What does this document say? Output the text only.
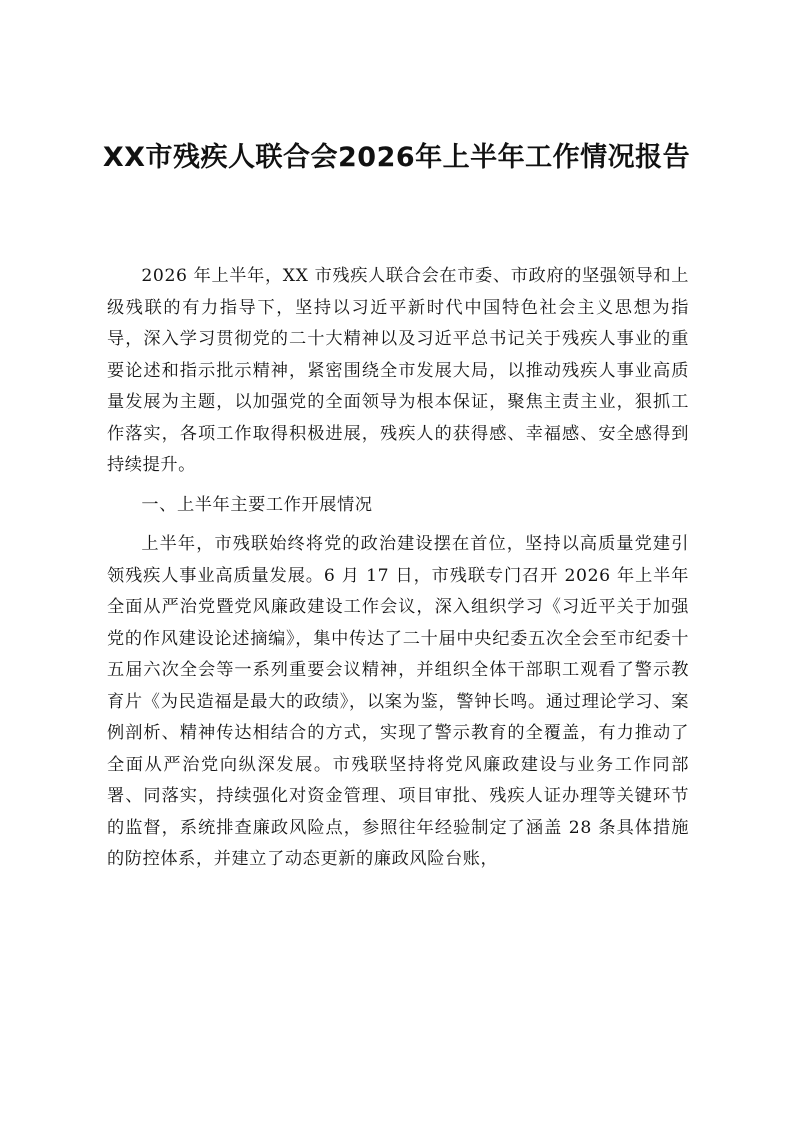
XX市残疾人联合会2026年上半年工作情况报告

2026 年上半年，XX 市残疾人联合会在市委、市政府的坚强领导和上级残联的有力指导下，坚持以习近平新时代中国特色社会主义思想为指导，深入学习贯彻党的二十大精神以及习近平总书记关于残疾人事业的重要论述和指示批示精神，紧密围绕全市发展大局，以推动残疾人事业高质量发展为主题，以加强党的全面领导为根本保证，聚焦主责主业，狠抓工作落实，各项工作取得积极进展，残疾人的获得感、幸福感、安全感得到持续提升。

一、上半年主要工作开展情况

上半年，市残联始终将党的政治建设摆在首位，坚持以高质量党建引领残疾人事业高质量发展。6 月 17 日，市残联专门召开 2026 年上半年全面从严治党暨党风廉政建设工作会议，深入组织学习《习近平关于加强党的作风建设论述摘编》，集中传达了二十届中央纪委五次全会至市纪委十五届六次全会等一系列重要会议精神，并组织全体干部职工观看了警示教育片《为民造福是最大的政绩》，以案为鉴，警钟长鸣。通过理论学习、案例剖析、精神传达相结合的方式，实现了警示教育的全覆盖，有力推动了全面从严治党向纵深发展。市残联坚持将党风廉政建设与业务工作同部署、同落实，持续强化对资金管理、项目审批、残疾人证办理等关键环节的监督，系统排查廉政风险点，参照往年经验制定了涵盖 28 条具体措施的防控体系，并建立了动态更新的廉政风险台账，
